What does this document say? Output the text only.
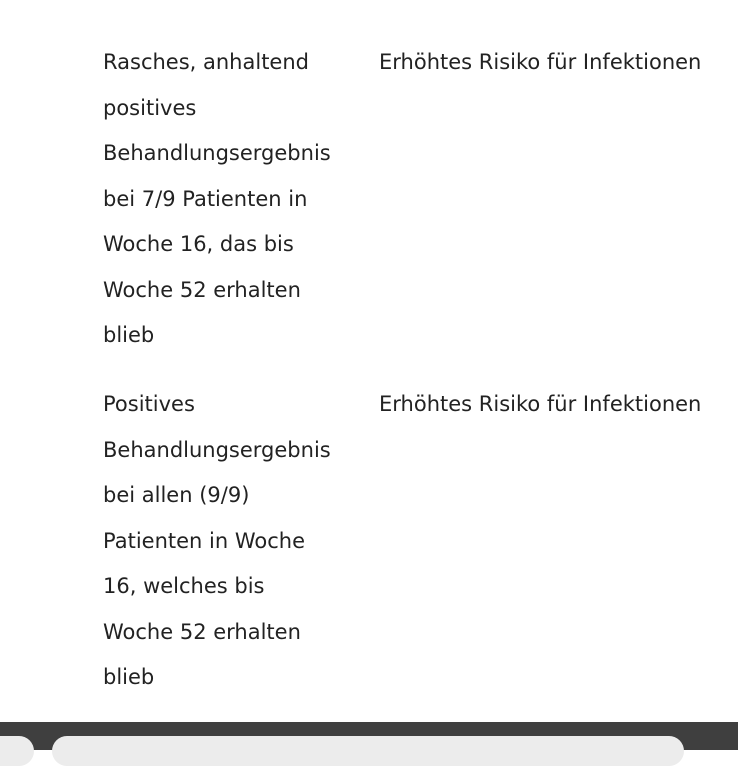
Rasches, anhaltend positives Behandlungsergebnis bei 7/9 Patienten in Woche 16, das bis Woche 52 erhalten blieb
Erhöhtes Risiko für Infektionen
Positives Behandlungsergebnis bei allen (9/9) Patienten in Woche 16, welches bis Woche 52 erhalten blieb
Erhöhtes Risiko für Infektionen
